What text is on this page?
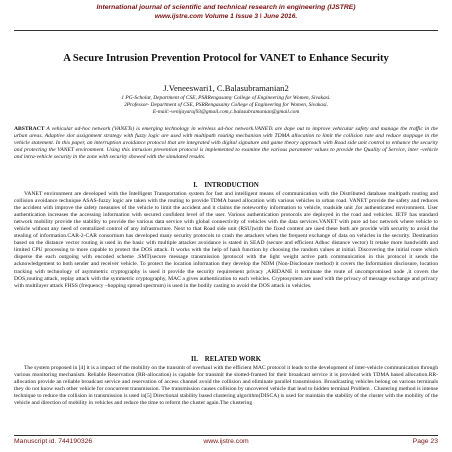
International journal of scientific and technical research in engineering (IJSTRE)
www.ijstre.com Volume 1 Issue 3 ǀ June 2016.
A Secure Intrusion Prevention Protocol for VANET to Enhance Security
J.Veneeswari1, C.Balasubramanian2
1 PG-Scholar, Department of CSE, PSRRengasamy College of Engineering for Women, Sivakasi.
2Professor- Department of CSE, PSRRengasamy College of Engineering for Women, Sivakasi.
E-mail:-venijayaraj93@gmail.com,c.balasubramanian@gmail.com
ABSTRACT A vehicular ad-hoc network (VANETs) is emerging technology in wireless ad-hoc network.VANETs are dope out to improve vehicular safety and manage the traffic in the urban areas. Adaptive slot assignment strategy with fuzzy logic are used with multipath routing mechanism with TDMA allocation to limit the collision rate and reduce stoppage in the vehicle statement. In this paper, an interruption avoidance protocol that are integrated with digital signature and game theory approach with Road side unit control to enhance the security and protecting the VANET environment. Using this intrusion prevention protocol is implemented to examine the various parameter values to provide the Quality of Service, inter -vehicle and intra-vehicle security in the zone with security showed with the simulated results.
I.    INTRODUCTION
VANET environment are developed with the Intelligent Transportation system for fast and intelligent means of communication with the Distributed database multipath routing and collision avoidance technique ASAS-fuzzy logic are taken with the routing to provide TDMA based allocation with various vehicles in urban road. VANET provide the safety and reduces the accident with improve the safety measures of the vehicle to limit the accident and it claims the noteworthy information to vehicle, roadside unit ,for authenticated environment. User authentication increases the accessing information with secured confident level of the user. Various authentication protocols are deployed in the road and vehicles. IETF has standard network mobility provide the stability to provide the various data service with global connectivity of vehicles with the data services.VANET with pure ad hoc network where vehicle to vehicle without any need of centralized control of any infrastructure. Next to that Road side unit (RSU)with the fixed content are used these both are provide with security to avoid the stealing of information.CAR-2-CAR consortium has developed many security protocols to crash the attackers when the frequent exchange of data on vehicles in the security. Destination based on the distance vector routing is used in the basic with multiple attacker avoidance is stated in SEAD (secure and efficient Adhoc distance vector) It retake more bandwidth and limited CPU processing to more capable to protect the DOS attack. It works with the help of hash function by choosing the random values at initial. Discovering the initial route which disperse the each outgoing with encoded scheme .SMT(secure message transmission )protocol with the light weight active path communication in this protocol it sends the acknowledgement to both sender and receiver vehicle. To protect the location information they develop the NDM (Non-Disclosure method) it covers the Information disclosure, location tracking with technology of asymmetric cryptography is used it provide the security requirement privacy ,ARIDANE it terminate the route of uncompromised node ,it covers the DOS,routing attack, replay attack with the symmetric cryptography, MAC a gives authentication to each vehicles. Cryptosystem are used with the privacy of message exchange and privacy with multilayer attack FHSS (frequency –hopping spread spectrum) is used in the bodily casting to avoid the DOS attack in vehicles.
II.    RELATED WORK
The system proposed in [4] it is a impact of the mobility on the transmit of overhaul with the efficient MAC protocol it leads to the development of inter-vehicle communication through various monitoring mechanism. Reliable Reservation (RR-allocation) is capable for transmit the slotted-framed for their broadcast service it is provided with TDMA based allocation.RR-allocation provide an reliable broadcast service and reservation of access channel avoid the collision and eliminate parallel transmission. Broadcasting vehicles belong on various terminals they do not know each other vehicle for concurrent transmission. The transmission causes collision by uncovered vehicle that lead to hidden terminal Problem . Clustering method is intense technique to reduce the collision in transmission is used in[5] Directional stability based clustering algorithm(DISCA) is used for maintain the stability of the cluster with the mobility of the vehicle and direction of mobility in vehicles and reduce the time to reform the cluster again.The clustering
Manuscript id. 744190326	www.ijstre.com	Page 23
